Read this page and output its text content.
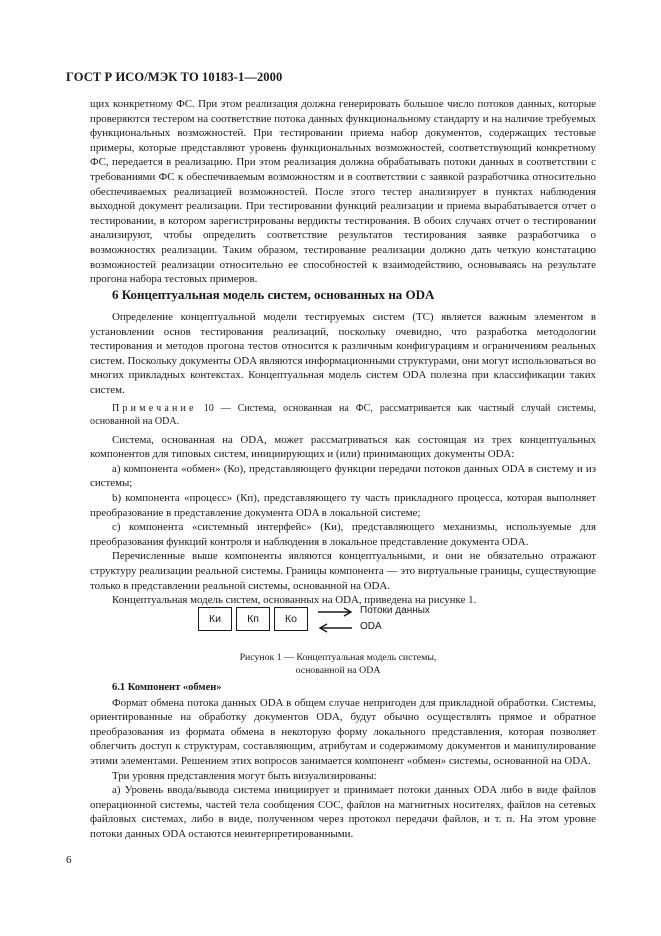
ГОСТ Р ИСО/МЭК ТО 10183-1—2000

щих конкретному ФС. При этом реализация должна генерировать большое число потоков данных, которые проверяются тестером на соответствие потока данных функциональному стандарту и на наличие требуемых функциональных возможностей. При тестировании приема набор документов, содержащих тестовые примеры, которые представляют уровень функциональных возможностей, соответствующий конкретному ФС, передается в реализацию. При этом реализация должна обрабатывать потоки данных в соответствии с требованиями ФС к обеспечиваемым возможностям и в соответствии с заявкой разработчика относительно обеспечиваемых реализацией возможностей. После этого тестер анализирует в пунктах наблюдения выходной документ реализации. При тестировании функций реализации и приема вырабатывается отчет о тестировании, в котором зарегистрированы вердикты тестирования. В обоих случаях отчет о тестировании анализируют, чтобы определить соответствие результатов тестирования заявке разработчика о возможностях реализации. Таким образом, тестирование реализации должно дать четкую констатацию возможностей реализации относительно ее способностей к взаимодействию, основываясь на результате прогона набора тестовых примеров.

6 Концептуальная модель систем, основанных на ODA

Определение концептуальной модели тестируемых систем (ТС) является важным элементом в установлении основ тестирования реализаций, поскольку очевидно, что разработка методологии тестирования и методов прогона тестов относится к различным конфигурациям и ограничениям реальных систем. Поскольку документы ODA являются информационными структурами, они могут использоваться во многих прикладных контекстах. Концептуальная модель систем ODA полезна при классификации таких систем.

Примечание 10 — Система, основанная на ФС, рассматривается как частный случай системы, основанной на ODA.

Система, основанная на ODA, может рассматриваться как состоящая из трех концептуальных компонентов для типовых систем, инициирующих и (или) принимающих документы ODA:

а) компонента «обмен» (Ко), представляющего функции передачи потоков данных ODA в систему и из системы;

b) компонента «процесс» (Кп), представляющего ту часть прикладного процесса, которая выполняет преобразование в представление документа ODA в локальной системе;

с) компонента «системный интерфейс» (Ки), представляющего механизмы, используемые для преобразования функций контроля и наблюдения в локальное представление документа ODA.

Перечисленные выше компоненты являются концептуальными, и они не обязательно отражают структуру реализации реальной системы. Границы компонента — это виртуальные границы, существующие только в представлении реальной системы, основанной на ODA.

Концептуальная модель систем, основанных на ODA, приведена на рисунке 1.

Ки	Кп	Ко
Потоки данных
ODA
Рисунок 1 — Концептуальная модель системы,
основанной на ODA

6.1 Компонент «обмен»

Формат обмена потока данных ODA в общем случае непригоден для прикладной обработки. Системы, ориентированные на обработку документов ODA, будут обычно осуществлять прямое и обратное преобразования из формата обмена в некоторую форму локального представления, которая позволяет облегчить доступ к структурам, составляющим, атрибутам и содержимому документов и манипулирование этими элементами. Решением этих вопросов занимается компонент «обмен» системы, основанной на ODA.

Три уровня представления могут быть визуализированы:

а) Уровень ввода/вывода система инициирует и принимает потоки данных ODA либо в виде файлов операционной системы, частей тела сообщения СОС, файлов на магнитных носителях, файлов на сетевых файловых системах, либо в виде, полученном через протокол передачи файлов, и т. п. На этом уровне потоки данных ODA остаются неинтерпретированными.

6
